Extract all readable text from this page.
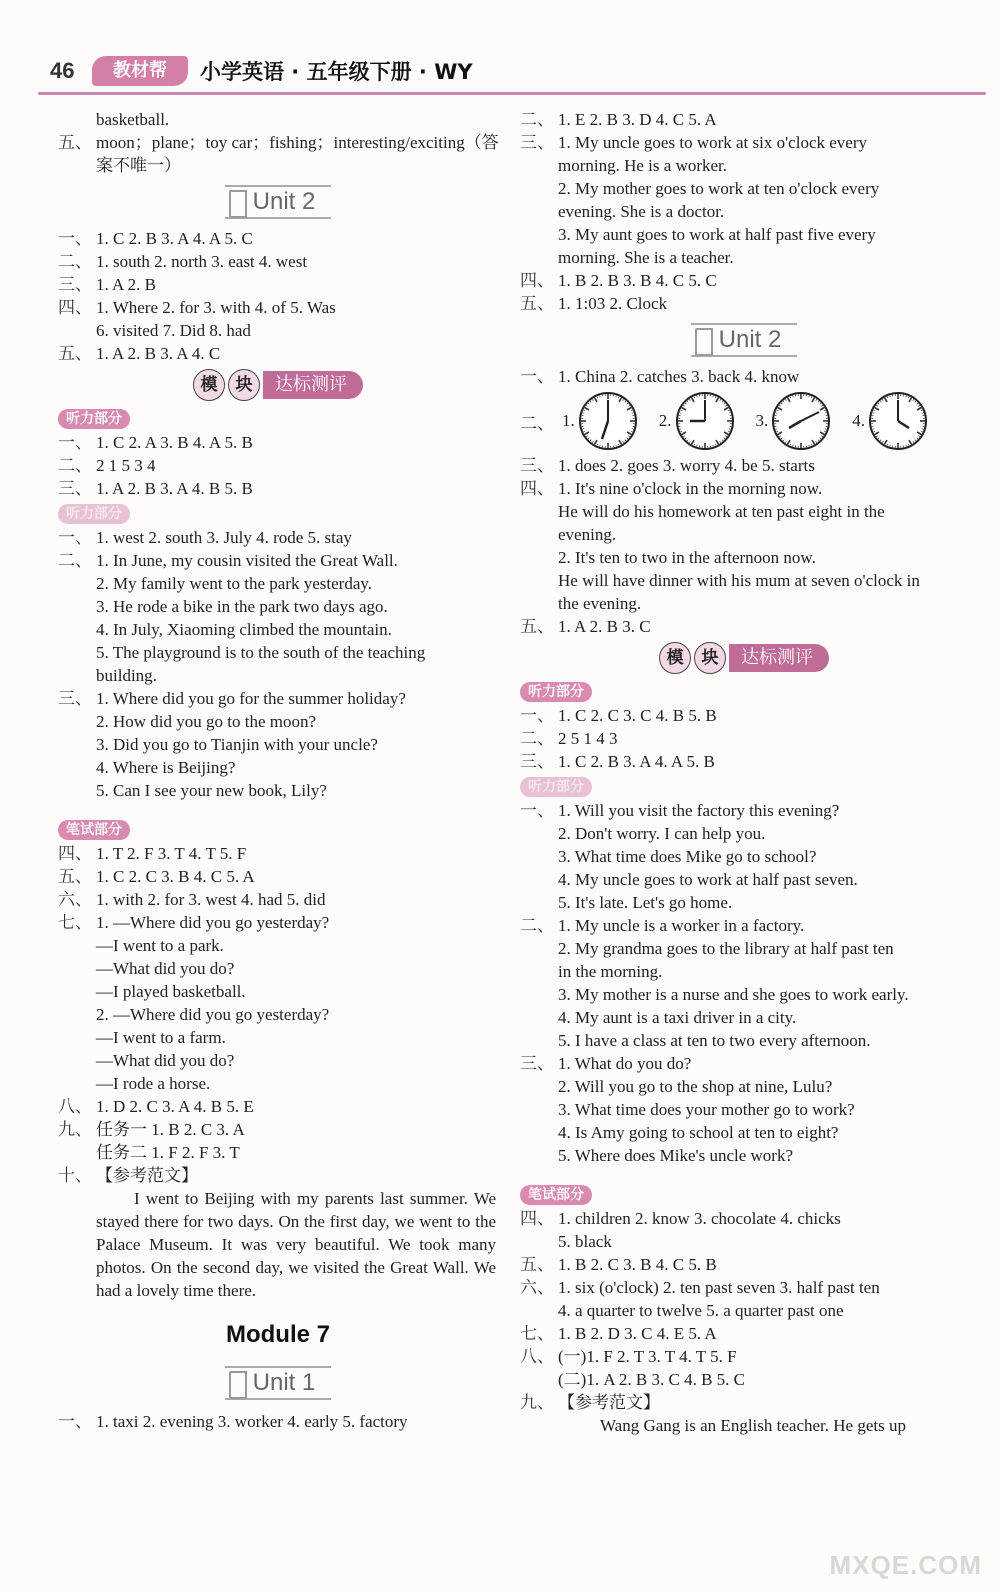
46	教材帮	小学英语 · 五年级下册 · WY
basketball.
五、 moon；plane；toy car；fishing；interesting/exciting（答
案不唯一）
Unit 2
一、 1. C 2. B 3. A 4. A 5. C
二、 1. south 2. north 3. east 4. west
三、 1. A 2. B
四、 1. Where 2. for 3. with 4. of 5. Was
6. visited 7. Did 8. had
五、 1. A 2. B 3. A 4. C
模	块	达标测评
听力部分
一、 1. C 2. A 3. B 4. A 5. B
二、 2 1 5 3 4
三、 1. A 2. B 3. A 4. B 5. B
听力部分
一、 1. west 2. south 3. July 4. rode 5. stay
二、 1. In June, my cousin visited the Great Wall.
2. My family went to the park yesterday.
3. He rode a bike in the park two days ago.
4. In July, Xiaoming climbed the mountain.
5. The playground is to the south of the teaching
building.
三、 1. Where did you go for the summer holiday?
2. How did you go to the moon?
3. Did you go to Tianjin with your uncle?
4. Where is Beijing?
5. Can I see your new book, Lily?
笔试部分
四、 1. T 2. F 3. T 4. T 5. F
五、 1. C 2. C 3. B 4. C 5. A
六、 1. with 2. for 3. west 4. had 5. did
七、 1. —Where did you go yesterday?
—I went to a park.
—What did you do?
—I played basketball.
2. —Where did you go yesterday?
—I went to a farm.
—What did you do?
—I rode a horse.
八、 1. D 2. C 3. A 4. B 5. E
九、 任务一 1. B 2. C 3. A
任务二 1. F 2. F 3. T
十、 【参考范文】
I went to Beijing with my parents last summer. We stayed there for two days. On the first day, we went to the Palace Museum. It was very beautiful. We took many photos. On the second day, we visited the Great Wall. We had a lovely time there.
Module 7
Unit 1
一、 1. taxi 2. evening 3. worker 4. early 5. factory
二、 1. E 2. B 3. D 4. C 5. A
三、 1. My uncle goes to work at six o'clock every
morning. He is a worker.
2. My mother goes to work at ten o'clock every
evening. She is a doctor.
3. My aunt goes to work at half past five every
morning. She is a teacher.
四、 1. B 2. B 3. B 4. C 5. C
五、 1. 1:03 2. Clock
Unit 2
一、 1. China 2. catches 3. back 4. know
二、 1.	2.	3.	4.
三、 1. does 2. goes 3. worry 4. be 5. starts
四、 1. It's nine o'clock in the morning now.
He will do his homework at ten past eight in the
evening.
2. It's ten to two in the afternoon now.
He will have dinner with his mum at seven o'clock in
the evening.
五、 1. A 2. B 3. C
模	块	达标测评
听力部分
一、 1. C 2. C 3. C 4. B 5. B
二、 2 5 1 4 3
三、 1. C 2. B 3. A 4. A 5. B
听力部分
一、 1. Will you visit the factory this evening?
2. Don't worry. I can help you.
3. What time does Mike go to school?
4. My uncle goes to work at half past seven.
5. It's late. Let's go home.
二、 1. My uncle is a worker in a factory.
2. My grandma goes to the library at half past ten
in the morning.
3. My mother is a nurse and she goes to work early.
4. My aunt is a taxi driver in a city.
5. I have a class at ten to two every afternoon.
三、 1. What do you do?
2. Will you go to the shop at nine, Lulu?
3. What time does your mother go to work?
4. Is Amy going to school at ten to eight?
5. Where does Mike's uncle work?
笔试部分
四、 1. children 2. know 3. chocolate 4. chicks
5. black
五、 1. B 2. C 3. B 4. C 5. B
六、 1. six (o'clock) 2. ten past seven 3. half past ten
4. a quarter to twelve 5. a quarter past one
七、 1. B 2. D 3. C 4. E 5. A
八、 (一)1. F 2. T 3. T 4. T 5. F
(二)1. A 2. B 3. C 4. B 5. C
九、 【参考范文】
Wang Gang is an English teacher. He gets up
MXQE.COM
